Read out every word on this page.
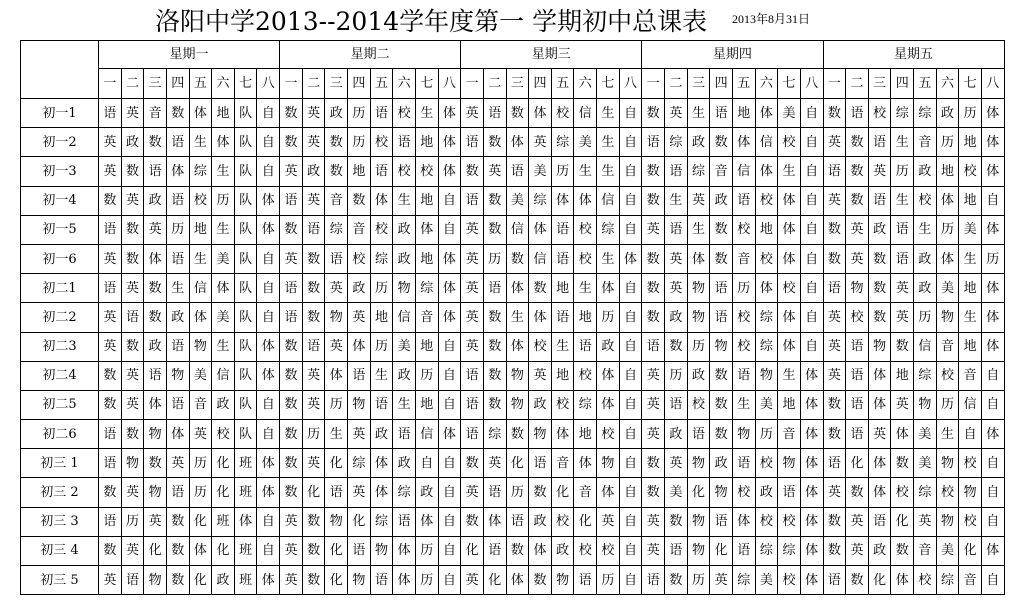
洛阳中学2013--2014学年度第一 学期初中总课表 2013年8月31日
	星期一								星期二								星期三								星期四								星期五							
	一	二	三	四	五	六	七	八	一	二	三	四	五	六	七	八	一	二	三	四	五	六	七	八	一	二	三	四	五	六	七	八	一	二	三	四	五	六	七	八
初一1	语	英	音	数	体	地	队	自	数	英	政	历	语	校	生	体	英	语	数	体	校	信	生	自	数	英	生	语	地	体	美	自	数	语	校	综	综	政	历	体
初一2	英	政	数	语	生	体	队	自	数	英	数	历	校	语	地	体	语	数	体	英	综	美	生	自	语	综	政	数	体	信	校	自	英	数	语	生	音	历	地	体
初一3	英	数	语	体	综	生	队	自	英	政	数	地	语	校	校	体	数	英	语	美	历	生	生	自	数	语	综	音	信	体	生	自	语	数	英	历	政	地	校	体
初一4	数	英	政	语	校	历	队	体	语	英	音	数	体	生	地	自	语	数	美	综	体	体	信	自	数	生	英	政	语	校	体	自	英	数	语	生	校	体	地	自
初一5	语	数	英	历	地	生	队	体	数	语	综	音	校	政	体	自	英	数	信	体	语	校	综	自	英	语	生	数	校	地	体	自	数	英	政	语	生	历	美	体
初一6	英	数	体	语	生	美	队	自	英	数	语	校	综	政	地	体	英	历	数	信	语	校	生	体	数	英	体	数	音	校	体	自	数	英	数	语	政	体	生	历
初二1	语	英	数	生	信	体	队	自	语	数	英	政	历	物	综	体	英	语	体	数	地	生	体	自	数	英	物	语	历	体	校	自	语	物	数	英	政	美	地	体
初二2	英	语	数	政	体	美	队	自	语	数	物	英	地	信	音	体	英	数	生	体	语	地	历	自	数	政	物	语	校	综	体	自	英	校	数	英	历	物	生	体
初二3	英	数	政	语	物	生	队	体	数	语	英	体	历	美	地	自	英	数	体	校	生	语	政	自	语	数	历	物	校	综	体	自	英	语	物	数	信	音	地	体
初二4	数	英	语	物	美	信	队	体	数	英	体	语	生	政	历	自	语	数	物	英	地	校	体	自	英	历	政	数	语	物	生	体	英	语	体	地	综	校	音	自
初二5	数	英	体	语	音	政	队	自	数	英	历	物	语	生	地	自	语	数	物	政	校	综	体	自	英	语	校	数	生	美	地	体	数	语	体	英	物	历	信	自
初二6	语	数	物	体	英	校	队	自	数	历	生	英	政	语	信	体	语	综	数	物	体	地	校	自	英	政	语	数	物	历	音	体	数	语	英	体	美	生	自	体
初三 1	语	物	数	英	历	化	班	体	数	英	化	综	体	政	自	自	数	英	化	语	音	体	物	自	数	英	物	政	语	校	物	体	语	化	体	数	美	物	校	自
初三 2	数	英	物	语	历	化	班	体	数	化	语	英	体	综	政	自	英	语	历	数	化	音	体	自	数	美	化	物	校	政	语	体	英	数	体	校	综	校	物	自
初三 3	语	历	英	数	化	班	体	自	英	数	物	化	综	语	体	自	数	体	语	政	校	化	英	自	英	数	物	语	体	校	校	体	数	英	语	化	英	物	校	自
初三 4	数	英	化	数	体	化	班	自	英	数	化	语	物	体	历	自	化	语	数	体	政	校	校	自	英	语	物	化	语	综	综	体	数	英	政	数	音	美	化	体
初三 5	英	语	物	数	化	政	班	体	英	数	化	物	语	体	历	自	英	化	体	数	物	语	历	自	语	数	历	英	综	美	校	体	语	数	化	体	校	综	音	自
